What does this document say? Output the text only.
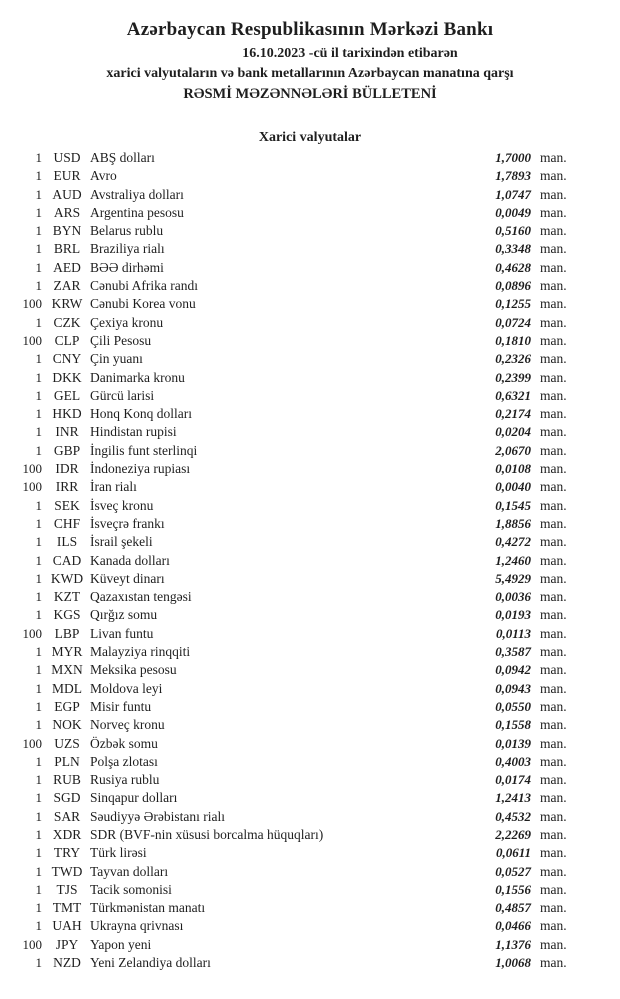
Azərbaycan Respublikasının Mərkəzi Bankı
16.10.2023 -cü il tarixindən etibarən
xarici valyutaların və bank metallarının Azərbaycan manatına qarşı
RƏSMİ MƏZƏNNƏLƏRİ BÜLLETENİ
Xarici valyutalar
1 USD ABŞ dolları	1,7000 man.
1 EUR Avro	1,7893 man.
1 AUD Avstraliya dolları	1,0747 man.
1 ARS Argentina pesosu	0,0049 man.
1 BYN Belarus rublu	0,5160 man.
1 BRL Braziliya rialı	0,3348 man.
1 AED BƏƏ dirhəmi	0,4628 man.
1 ZAR Cənubi Afrika randı	0,0896 man.
100 KRW Cənubi Korea vonu	0,1255 man.
1 CZK Çexiya kronu	0,0724 man.
100 CLP Çili Pesosu	0,1810 man.
1 CNY Çin yuanı	0,2326 man.
1 DKK Danimarka kronu	0,2399 man.
1 GEL Gürcü larisi	0,6321 man.
1 HKD Honq Konq dolları	0,2174 man.
1 INR Hindistan rupisi	0,0204 man.
1 GBP İngilis funt sterlinqi	2,0670 man.
100 IDR İndoneziya rupiası	0,0108 man.
100	IRR İran rialı	0,0040 man.
1 SEK İsveç kronu	0,1545 man.
1 CHF İsveçrə frankı	1,8856 man.
1	ILS İsrail şekeli	0,4272 man.
1 CAD Kanada dolları	1,2460 man.
1 KWD Küveyt dinarı	5,4929 man.
1 KZT Qazaxıstan tengəsi	0,0036 man.
1 KGS Qırğız somu	0,0193 man.
100 LBP Livan funtu	0,0113 man.
1 MYR Malayziya rinqqiti	0,3587 man.
1 MXN Meksika pesosu	0,0942 man.
1 MDL Moldova leyi	0,0943 man.
1 EGP Misir funtu	0,0550 man.
1 NOK Norveç kronu	0,1558 man.
100 UZS Özbək somu	0,0139 man.
1 PLN Polşa zlotası	0,4003 man.
1 RUB Rusiya rublu	0,0174 man.
1 SGD Sinqapur dolları	1,2413 man.
1 SAR Səudiyyə Ərəbistanı rialı	0,4532 man.
1 XDR SDR (BVF-nin xüsusi borcalma hüquqları)	2,2269 man.
1 TRY Türk lirəsi	0,0611 man.
1 TWD Tayvan dolları	0,0527 man.
1	TJS Tacik somonisi	0,1556 man.
1 TMT Türkmənistan manatı	0,4857 man.
1 UAH Ukrayna qrivnası	0,0466 man.
100	JPY Yapon yeni	1,1376 man.
1 NZD Yeni Zelandiya dolları	1,0068 man.
